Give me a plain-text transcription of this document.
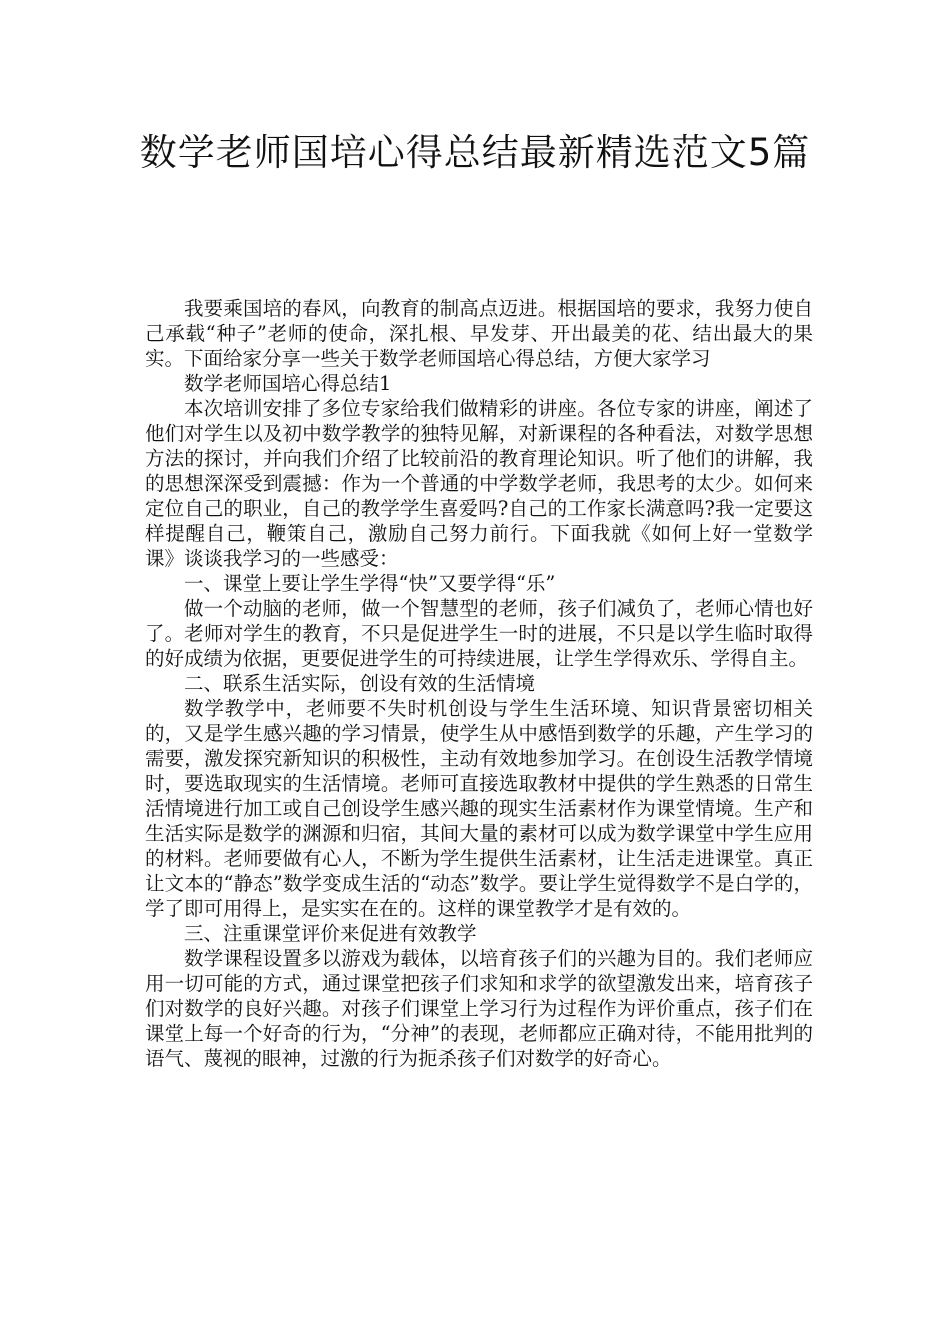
数学老师国培心得总结最新精选范文5篇

我要乘国培的春风，向教育的制高点迈进。根据国培的要求，我努力使自己承载“种子”老师的使命，深扎根、早发芽、开出最美的花、结出最大的果实。下面给家分享一些关于数学老师国培心得总结，方便大家学习

数学老师国培心得总结1

本次培训安排了多位专家给我们做精彩的讲座。各位专家的讲座，阐述了他们对学生以及初中数学教学的独特见解，对新课程的各种看法，对数学思想方法的探讨，并向我们介绍了比较前沿的教育理论知识。听了他们的讲解，我的思想深深受到震撼：作为一个普通的中学数学老师，我思考的太少。如何来定位自己的职业，自己的教学学生喜爱吗?自己的工作家长满意吗?我一定要这样提醒自己，鞭策自己，激励自己努力前行。下面我就《如何上好一堂数学课》谈谈我学习的一些感受：

一、课堂上要让学生学得“快”又要学得“乐”

做一个动脑的老师，做一个智慧型的老师，孩子们减负了，老师心情也好了。老师对学生的教育，不只是促进学生一时的进展，不只是以学生临时取得的好成绩为依据，更要促进学生的可持续进展，让学生学得欢乐、学得自主。

二、联系生活实际，创设有效的生活情境

数学教学中，老师要不失时机创设与学生生活环境、知识背景密切相关的，又是学生感兴趣的学习情景，使学生从中感悟到数学的乐趣，产生学习的需要，激发探究新知识的积极性，主动有效地参加学习。在创设生活教学情境时，要选取现实的生活情境。老师可直接选取教材中提供的学生熟悉的日常生活情境进行加工或自己创设学生感兴趣的现实生活素材作为课堂情境。生产和生活实际是数学的渊源和归宿，其间大量的素材可以成为数学课堂中学生应用的材料。老师要做有心人，不断为学生提供生活素材，让生活走进课堂。真正让文本的“静态”数学变成生活的“动态”数学。要让学生觉得数学不是白学的，学了即可用得上，是实实在在的。这样的课堂教学才是有效的。

三、注重课堂评价来促进有效教学

数学课程设置多以游戏为载体，以培育孩子们的兴趣为目的。我们老师应用一切可能的方式，通过课堂把孩子们求知和求学的欲望激发出来，培育孩子们对数学的良好兴趣。对孩子们课堂上学习行为过程作为评价重点，孩子们在课堂上每一个好奇的行为，“分神”的表现，老师都应正确对待，不能用批判的语气、蔑视的眼神，过激的行为扼杀孩子们对数学的好奇心。
